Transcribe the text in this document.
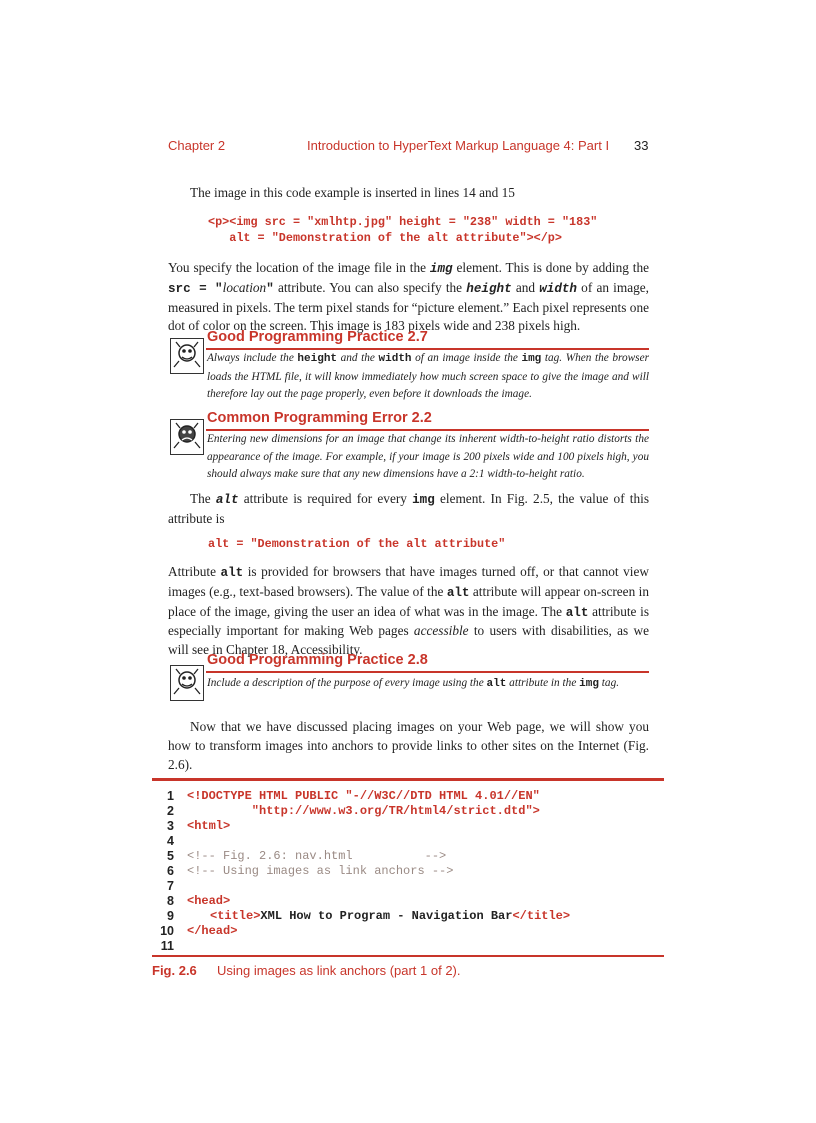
Chapter 2	Introduction to HyperText Markup Language 4: Part I 33

The image in this code example is inserted in lines 14 and 15

<p><img src = "xmlhtp.jpg" height = "238" width = "183"
alt = "Demonstration of the alt attribute"></p>

You specify the location of the image file in the img element. This is done by adding the src = "location" attribute. You can also specify the height and width of an image, measured in pixels. The term pixel stands for “picture element.” Each pixel represents one dot of color on the screen. This image is 183 pixels wide and 238 pixels high.

Good Programming Practice 2.7

Always include the height and the width of an image inside the img tag. When the browser loads the HTML file, it will know immediately how much screen space to give the image and will therefore lay out the page properly, even before it downloads the image.

Common Programming Error 2.2

Entering new dimensions for an image that change its inherent width-to-height ratio distorts the appearance of the image. For example, if your image is 200 pixels wide and 100 pixels high, you should always make sure that any new dimensions have a 2:1 width-to-height ratio.

The alt attribute is required for every img element. In Fig. 2.5, the value of this attribute is

alt = "Demonstration of the alt attribute"

Attribute alt is provided for browsers that have images turned off, or that cannot view images (e.g., text-based browsers). The value of the alt attribute will appear on-screen in place of the image, giving the user an idea of what was in the image. The alt attribute is especially important for making Web pages accessible to users with disabilities, as we will see in Chapter 18, Accessibility.

Good Programming Practice 2.8

Include a description of the purpose of every image using the alt attribute in the img tag.

Now that we have discussed placing images on your Web page, we will show you how to transform images into anchors to provide links to other sites on the Internet (Fig. 2.6).

1
2
3
4
5
6
7
8
9
10
11
<!DOCTYPE HTML PUBLIC "-//W3C//DTD HTML 4.01//EN"
"http://www.w3.org/TR/html4/strict.dtd">
<html>
<!-- Fig. 2.6: nav.html          -->
<!-- Using images as link anchors -->
<head>
<title>XML How to Program - Navigation Bar</title>
</head>
Fig. 2.6 Using images as link anchors (part 1 of 2).
